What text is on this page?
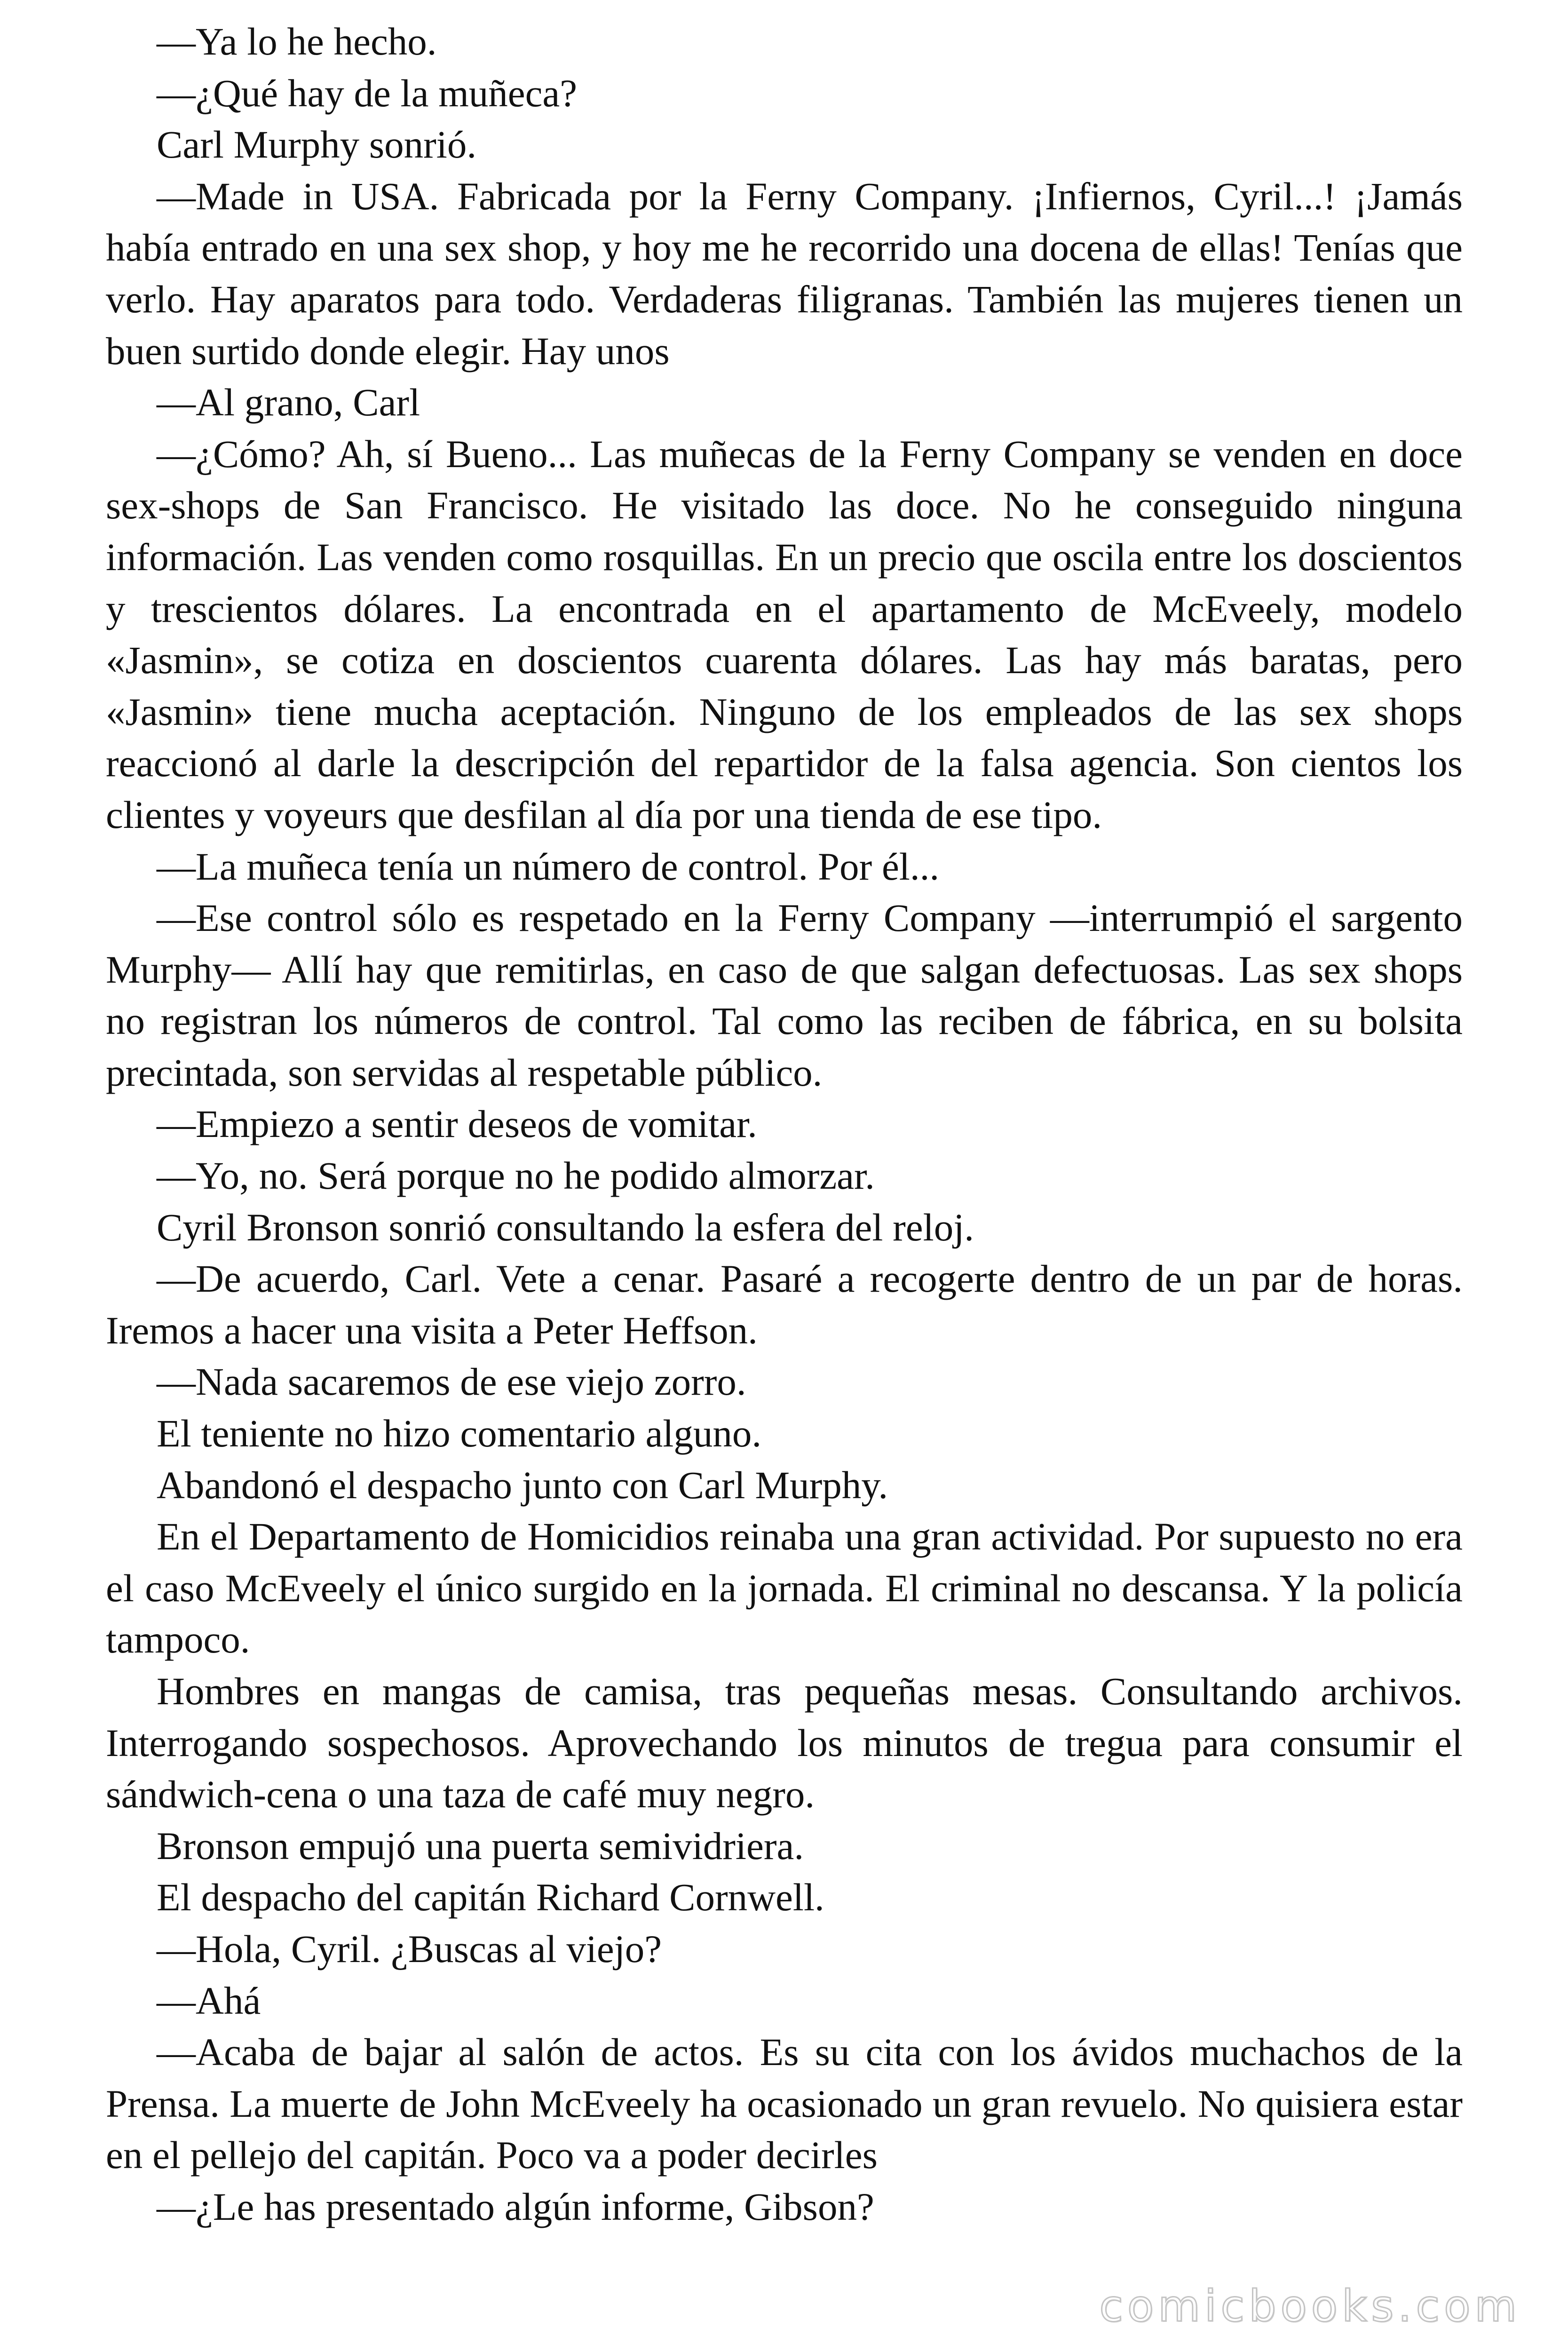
—Ya lo he hecho.

—¿Qué hay de la muñeca?

Carl Murphy sonrió.

—Made in USA. Fabricada por la Ferny Company. ¡Infiernos, Cyril...! ¡Jamás había entrado en una sex shop, y hoy me he recorrido una docena de ellas! Tenías que verlo. Hay aparatos para todo. Verdaderas filigranas. También las mujeres tienen un buen surtido donde elegir. Hay unos

—Al grano, Carl

—¿Cómo? Ah, sí Bueno... Las muñecas de la Ferny Company se venden en doce sex-shops de San Francisco. He visitado las doce. No he conseguido ninguna información. Las venden como rosquillas. En un precio que oscila entre los doscientos y trescientos dólares. La encontrada en el apartamento de McEveely, modelo «Jasmin», se cotiza en doscientos cuarenta dólares. Las hay más baratas, pero «Jasmin» tiene mucha aceptación. Ninguno de los empleados de las sex shops reaccionó al darle la descripción del repartidor de la falsa agencia. Son cientos los clientes y voyeurs que desfilan al día por una tienda de ese tipo.

—La muñeca tenía un número de control. Por él...

—Ese control sólo es respetado en la Ferny Company —interrumpió el sargento Murphy— Allí hay que remitirlas, en caso de que salgan defectuosas. Las sex shops no registran los números de control. Tal como las reciben de fábrica, en su bolsita precintada, son servidas al respetable público.

—Empiezo a sentir deseos de vomitar.

—Yo, no. Será porque no he podido almorzar.

Cyril Bronson sonrió consultando la esfera del reloj.

—De acuerdo, Carl. Vete a cenar. Pasaré a recogerte dentro de un par de horas. Iremos a hacer una visita a Peter Heffson.

—Nada sacaremos de ese viejo zorro.

El teniente no hizo comentario alguno.

Abandonó el despacho junto con Carl Murphy.

En el Departamento de Homicidios reinaba una gran actividad. Por supuesto no era el caso McEveely el único surgido en la jornada. El criminal no descansa. Y la policía tampoco.

Hombres en mangas de camisa, tras pequeñas mesas. Consultando archivos. Interrogando sospechosos. Aprovechando los minutos de tregua para consumir el sándwich-cena o una taza de café muy negro.

Bronson empujó una puerta semividriera.

El despacho del capitán Richard Cornwell.

—Hola, Cyril. ¿Buscas al viejo?

—Ahá

—Acaba de bajar al salón de actos. Es su cita con los ávidos muchachos de la Prensa. La muerte de John McEveely ha ocasionado un gran revuelo. No quisiera estar en el pellejo del capitán. Poco va a poder decirles

—¿Le has presentado algún informe, Gibson?

comicbooks.com
